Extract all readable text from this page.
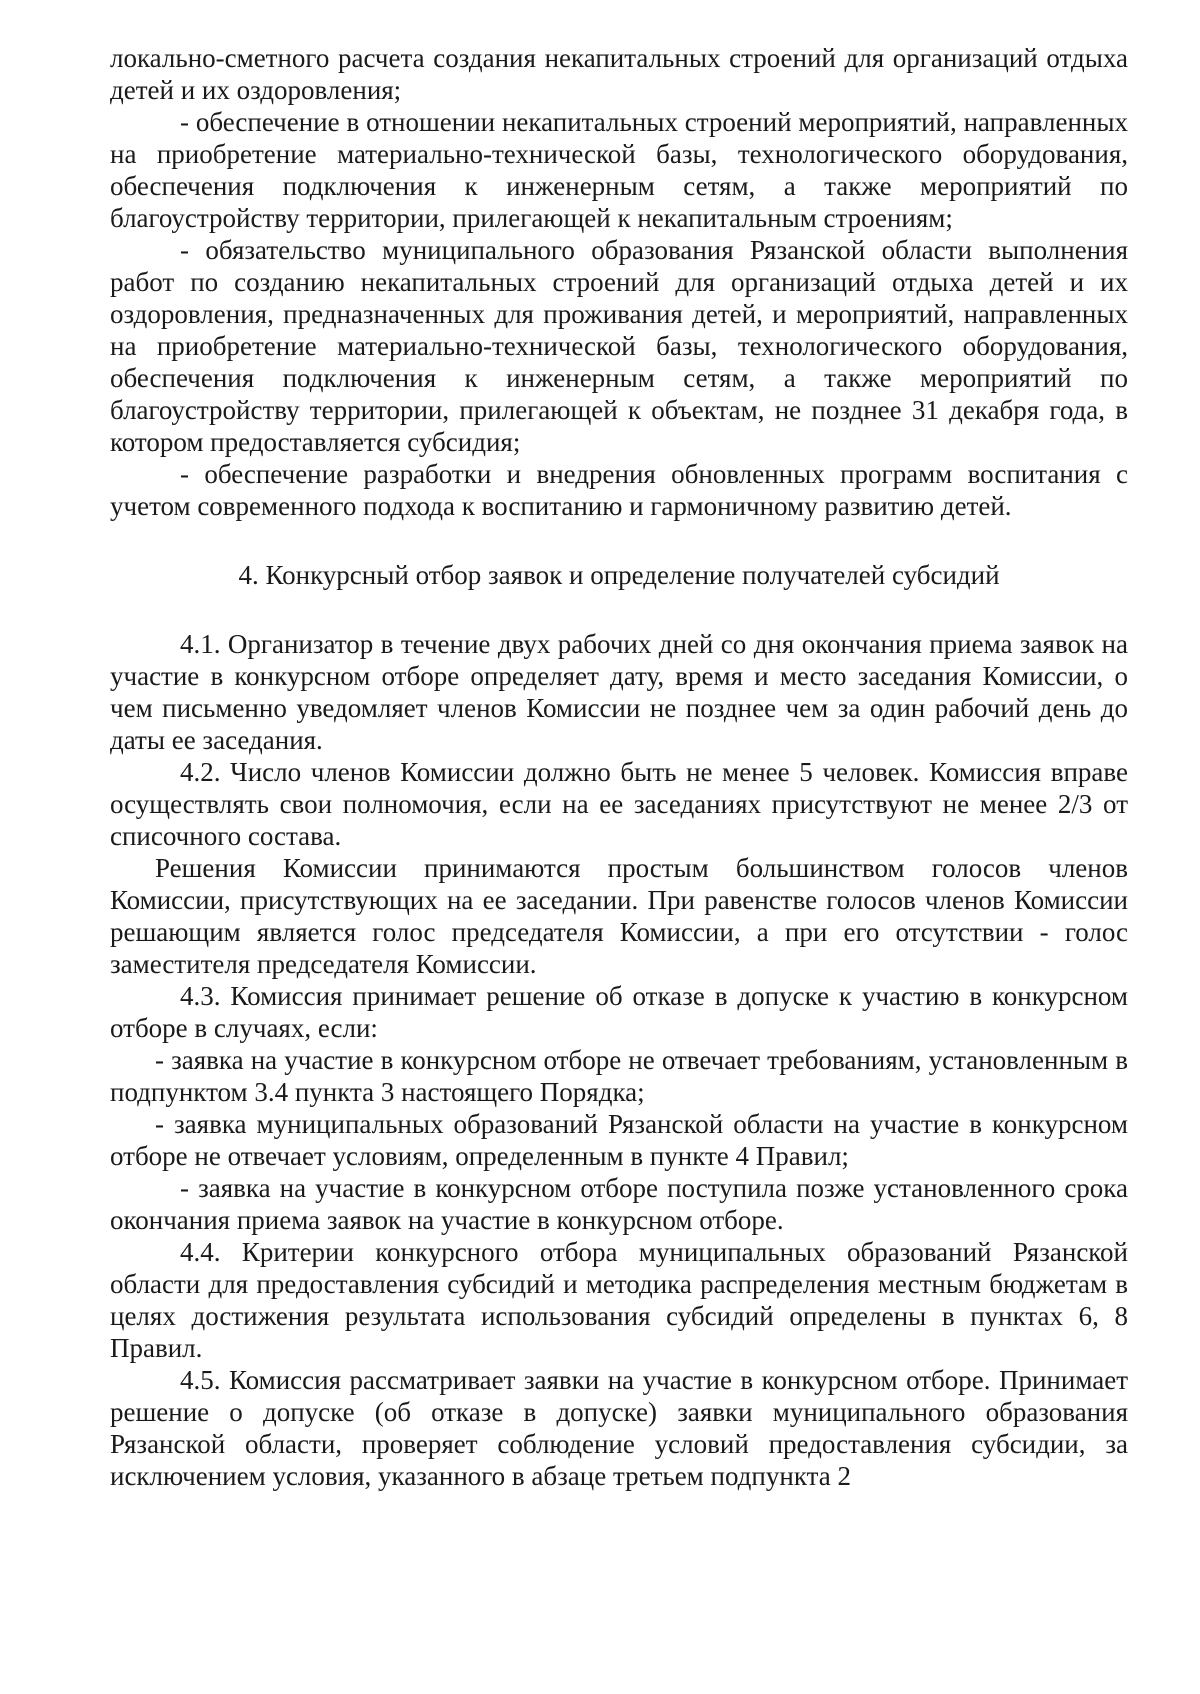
локально-сметного расчета создания некапитальных строений для организаций отдыха детей и их оздоровления;

- обеспечение в отношении некапитальных строений мероприятий, направленных на приобретение материально-технической базы, технологического оборудования, обеспечения подключения к инженерным сетям, а также мероприятий по благоустройству территории, прилегающей к некапитальным строениям;

- обязательство муниципального образования Рязанской области выполнения работ по созданию некапитальных строений для организаций отдыха детей и их оздоровления, предназначенных для проживания детей, и мероприятий, направленных на приобретение материально-технической базы, технологического оборудования, обеспечения подключения к инженерным сетям, а также мероприятий по благоустройству территории, прилегающей к объектам, не позднее 31 декабря года, в котором предоставляется субсидия;

- обеспечение разработки и внедрения обновленных программ воспитания с учетом современного подхода к воспитанию и гармоничному развитию детей.

4. Конкурсный отбор заявок и определение получателей субсидий

4.1. Организатор в течение двух рабочих дней со дня окончания приема заявок на участие в конкурсном отборе определяет дату, время и место заседания Комиссии, о чем письменно уведомляет членов Комиссии не позднее чем за один рабочий день до даты ее заседания.

4.2. Число членов Комиссии должно быть не менее 5 человек. Комиссия вправе осуществлять свои полномочия, если на ее заседаниях присутствуют не менее 2/3 от списочного состава.

Решения Комиссии принимаются простым большинством голосов членов Комиссии, присутствующих на ее заседании. При равенстве голосов членов Комиссии решающим является голос председателя Комиссии, а при его отсутствии - голос заместителя председателя Комиссии.

4.3. Комиссия принимает решение об отказе в допуске к участию в конкурсном отборе в случаях, если:

- заявка на участие в конкурсном отборе не отвечает требованиям, установленным в подпунктом 3.4 пункта 3 настоящего Порядка;

- заявка муниципальных образований Рязанской области на участие в конкурсном отборе не отвечает условиям, определенным в пункте 4 Правил;

- заявка на участие в конкурсном отборе поступила позже установленного срока окончания приема заявок на участие в конкурсном отборе.

4.4. Критерии конкурсного отбора муниципальных образований Рязанской области для предоставления субсидий и методика распределения местным бюджетам в целях достижения результата использования субсидий определены в пунктах 6, 8 Правил.

4.5. Комиссия рассматривает заявки на участие в конкурсном отборе. Принимает решение о допуске (об отказе в допуске) заявки муниципального образования Рязанской области, проверяет соблюдение условий предоставления субсидии, за исключением условия, указанного в абзаце третьем подпункта 2
